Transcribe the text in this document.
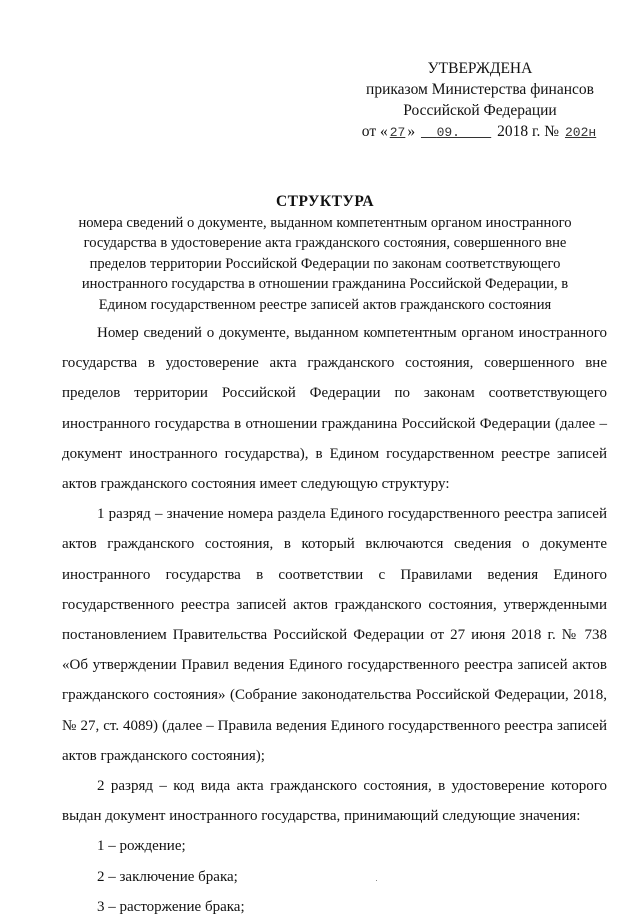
УТВЕРЖДЕНА
приказом Министерства финансов
Российской Федерации
от « 27 » 09. 2018 г. № 202н
СТРУКТУРА
номера сведений о документе, выданном компетентным органом иностранного
государства в удостоверение акта гражданского состояния, совершенного вне
пределов территории Российской Федерации по законам соответствующего
иностранного государства в отношении гражданина Российской Федерации, в
Едином государственном реестре записей актов гражданского состояния

Номер сведений о документе, выданном компетентным органом иностранного государства в удостоверение акта гражданского состояния, совершенного вне пределов территории Российской Федерации по законам соответствующего иностранного государства в отношении гражданина Российской Федерации (далее – документ иностранного государства), в Едином государственном реестре записей актов гражданского состояния имеет следующую структуру:

1 разряд – значение номера раздела Единого государственного реестра записей актов гражданского состояния, в который включаются сведения о документе иностранного государства в соответствии с Правилами ведения Единого государственного реестра записей актов гражданского состояния, утвержденными постановлением Правительства Российской Федерации от 27 июня 2018 г. № 738 «Об утверждении Правил ведения Единого государственного реестра записей актов гражданского состояния» (Собрание законодательства Российской Федерации, 2018, № 27, ст. 4089) (далее – Правила ведения Единого государственного реестра записей актов гражданского состояния);

2 разряд – код вида акта гражданского состояния, в удостоверение которого выдан документ иностранного государства, принимающий следующие значения:

1 – рождение;

2 – заключение брака;

3 – расторжение брака;
